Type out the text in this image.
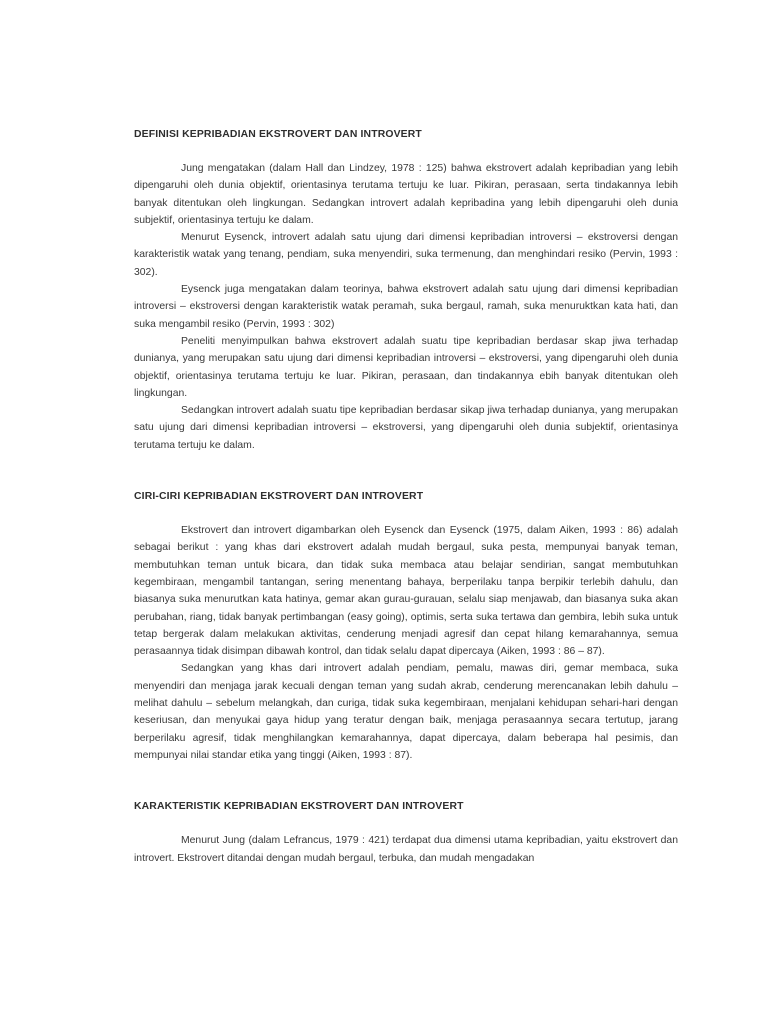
DEFINISI KEPRIBADIAN EKSTROVERT DAN INTROVERT

Jung mengatakan (dalam Hall dan Lindzey, 1978 : 125) bahwa ekstrovert adalah kepribadian yang lebih dipengaruhi oleh dunia objektif, orientasinya terutama tertuju ke luar. Pikiran, perasaan, serta tindakannya lebih banyak ditentukan oleh lingkungan. Sedangkan introvert adalah kepribadina yang lebih dipengaruhi oleh dunia subjektif, orientasinya tertuju ke dalam.

Menurut Eysenck, introvert adalah satu ujung dari dimensi kepribadian introversi – ekstroversi dengan karakteristik watak yang tenang, pendiam, suka menyendiri, suka termenung, dan menghindari resiko (Pervin, 1993 : 302).

Eysenck juga mengatakan dalam teorinya, bahwa ekstrovert adalah satu ujung dari dimensi kepribadian introversi – ekstroversi dengan karakteristik watak peramah, suka bergaul, ramah, suka menuruktkan kata hati, dan suka mengambil resiko (Pervin, 1993 : 302)

Peneliti menyimpulkan bahwa ekstrovert adalah suatu tipe kepribadian berdasar skap jiwa terhadap dunianya, yang merupakan satu ujung dari dimensi kepribadian introversi – ekstroversi, yang dipengaruhi oleh dunia objektif, orientasinya terutama tertuju ke luar. Pikiran, perasaan, dan tindakannya ebih banyak ditentukan oleh lingkungan.

Sedangkan introvert adalah suatu tipe kepribadian berdasar sikap jiwa terhadap dunianya, yang merupakan satu ujung dari dimensi kepribadian introversi – ekstroversi, yang dipengaruhi oleh dunia subjektif, orientasinya terutama tertuju ke dalam.

CIRI-CIRI KEPRIBADIAN EKSTROVERT DAN INTROVERT

Ekstrovert dan introvert digambarkan oleh Eysenck dan Eysenck (1975, dalam Aiken, 1993 : 86) adalah sebagai berikut : yang khas dari ekstrovert adalah mudah bergaul, suka pesta, mempunyai banyak teman, membutuhkan teman untuk bicara, dan tidak suka membaca atau belajar sendirian, sangat membutuhkan kegembiraan, mengambil tantangan, sering menentang bahaya, berperilaku tanpa berpikir terlebih dahulu, dan biasanya suka menurutkan kata hatinya, gemar akan gurau-gurauan, selalu siap menjawab, dan biasanya suka akan perubahan, riang, tidak banyak pertimbangan (easy going), optimis, serta suka tertawa dan gembira, lebih suka untuk tetap bergerak dalam melakukan aktivitas, cenderung menjadi agresif dan cepat hilang kemarahannya, semua perasaannya tidak disimpan dibawah kontrol, dan tidak selalu dapat dipercaya (Aiken, 1993 : 86 – 87).

Sedangkan yang khas dari introvert adalah pendiam, pemalu, mawas diri, gemar membaca, suka menyendiri dan menjaga jarak kecuali dengan teman yang sudah akrab, cenderung merencanakan lebih dahulu – melihat dahulu – sebelum melangkah, dan curiga, tidak suka kegembiraan, menjalani kehidupan sehari-hari dengan keseriusan, dan menyukai gaya hidup yang teratur dengan baik, menjaga perasaannya secara tertutup, jarang berperilaku agresif, tidak menghilangkan kemarahannya, dapat dipercaya, dalam beberapa hal pesimis, dan mempunyai nilai standar etika yang tinggi (Aiken, 1993 : 87).

KARAKTERISTIK KEPRIBADIAN EKSTROVERT DAN INTROVERT

Menurut Jung (dalam Lefrancus, 1979 : 421) terdapat dua dimensi utama kepribadian, yaitu ekstrovert dan introvert. Ekstrovert ditandai dengan mudah bergaul, terbuka, dan mudah mengadakan
